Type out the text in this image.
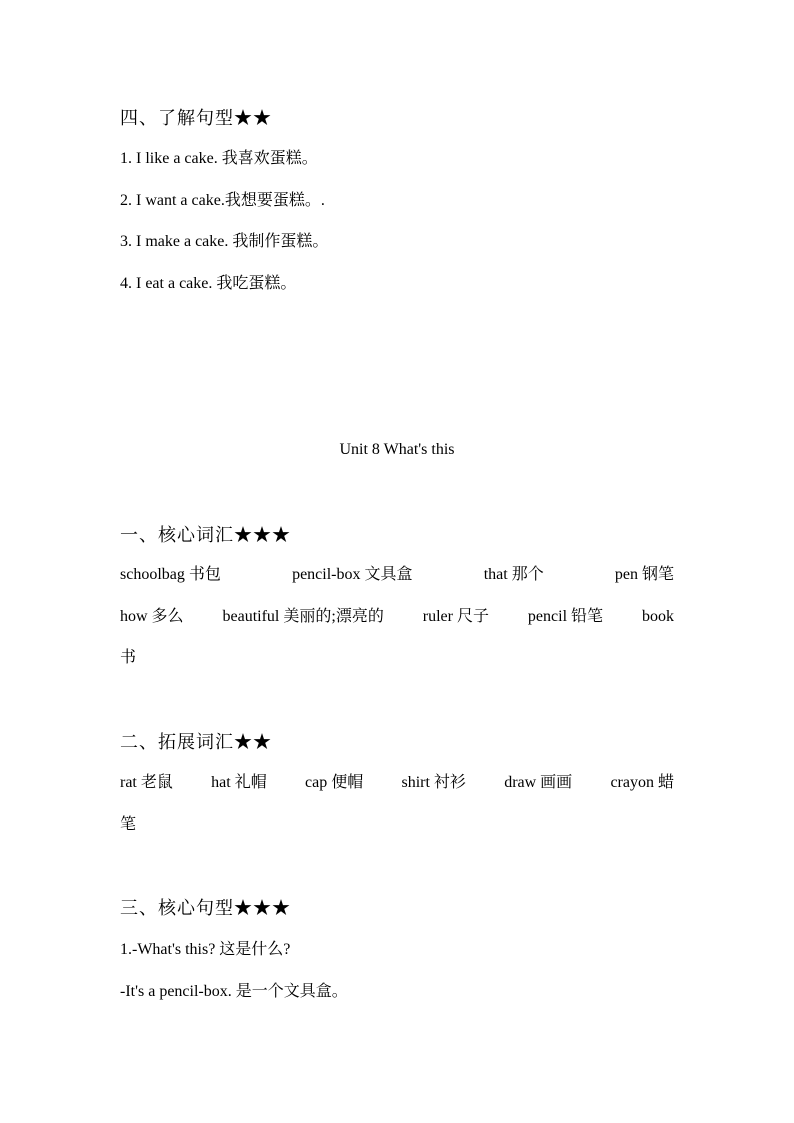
四、了解句型★★
1. I like a cake. 我喜欢蛋糕。
2. I want a cake.我想要蛋糕。.
3. I make a cake. 我制作蛋糕。
4. I eat a cake. 我吃蛋糕。
Unit 8 What's this
一、核心词汇★★★
schoolbag 书包	pencil-box 文具盒	that 那个	pen 钢笔
how 多么 beautiful 美丽的;漂亮的 ruler 尺子 pencil 铅笔 book
书
二、拓展词汇★★
rat 老鼠 hat 礼帽 cap 便帽 shirt 衬衫 draw 画画 crayon 蜡
笔
三、核心句型★★★
1.-What's this? 这是什么?
-It's a pencil-box. 是一个文具盒。
